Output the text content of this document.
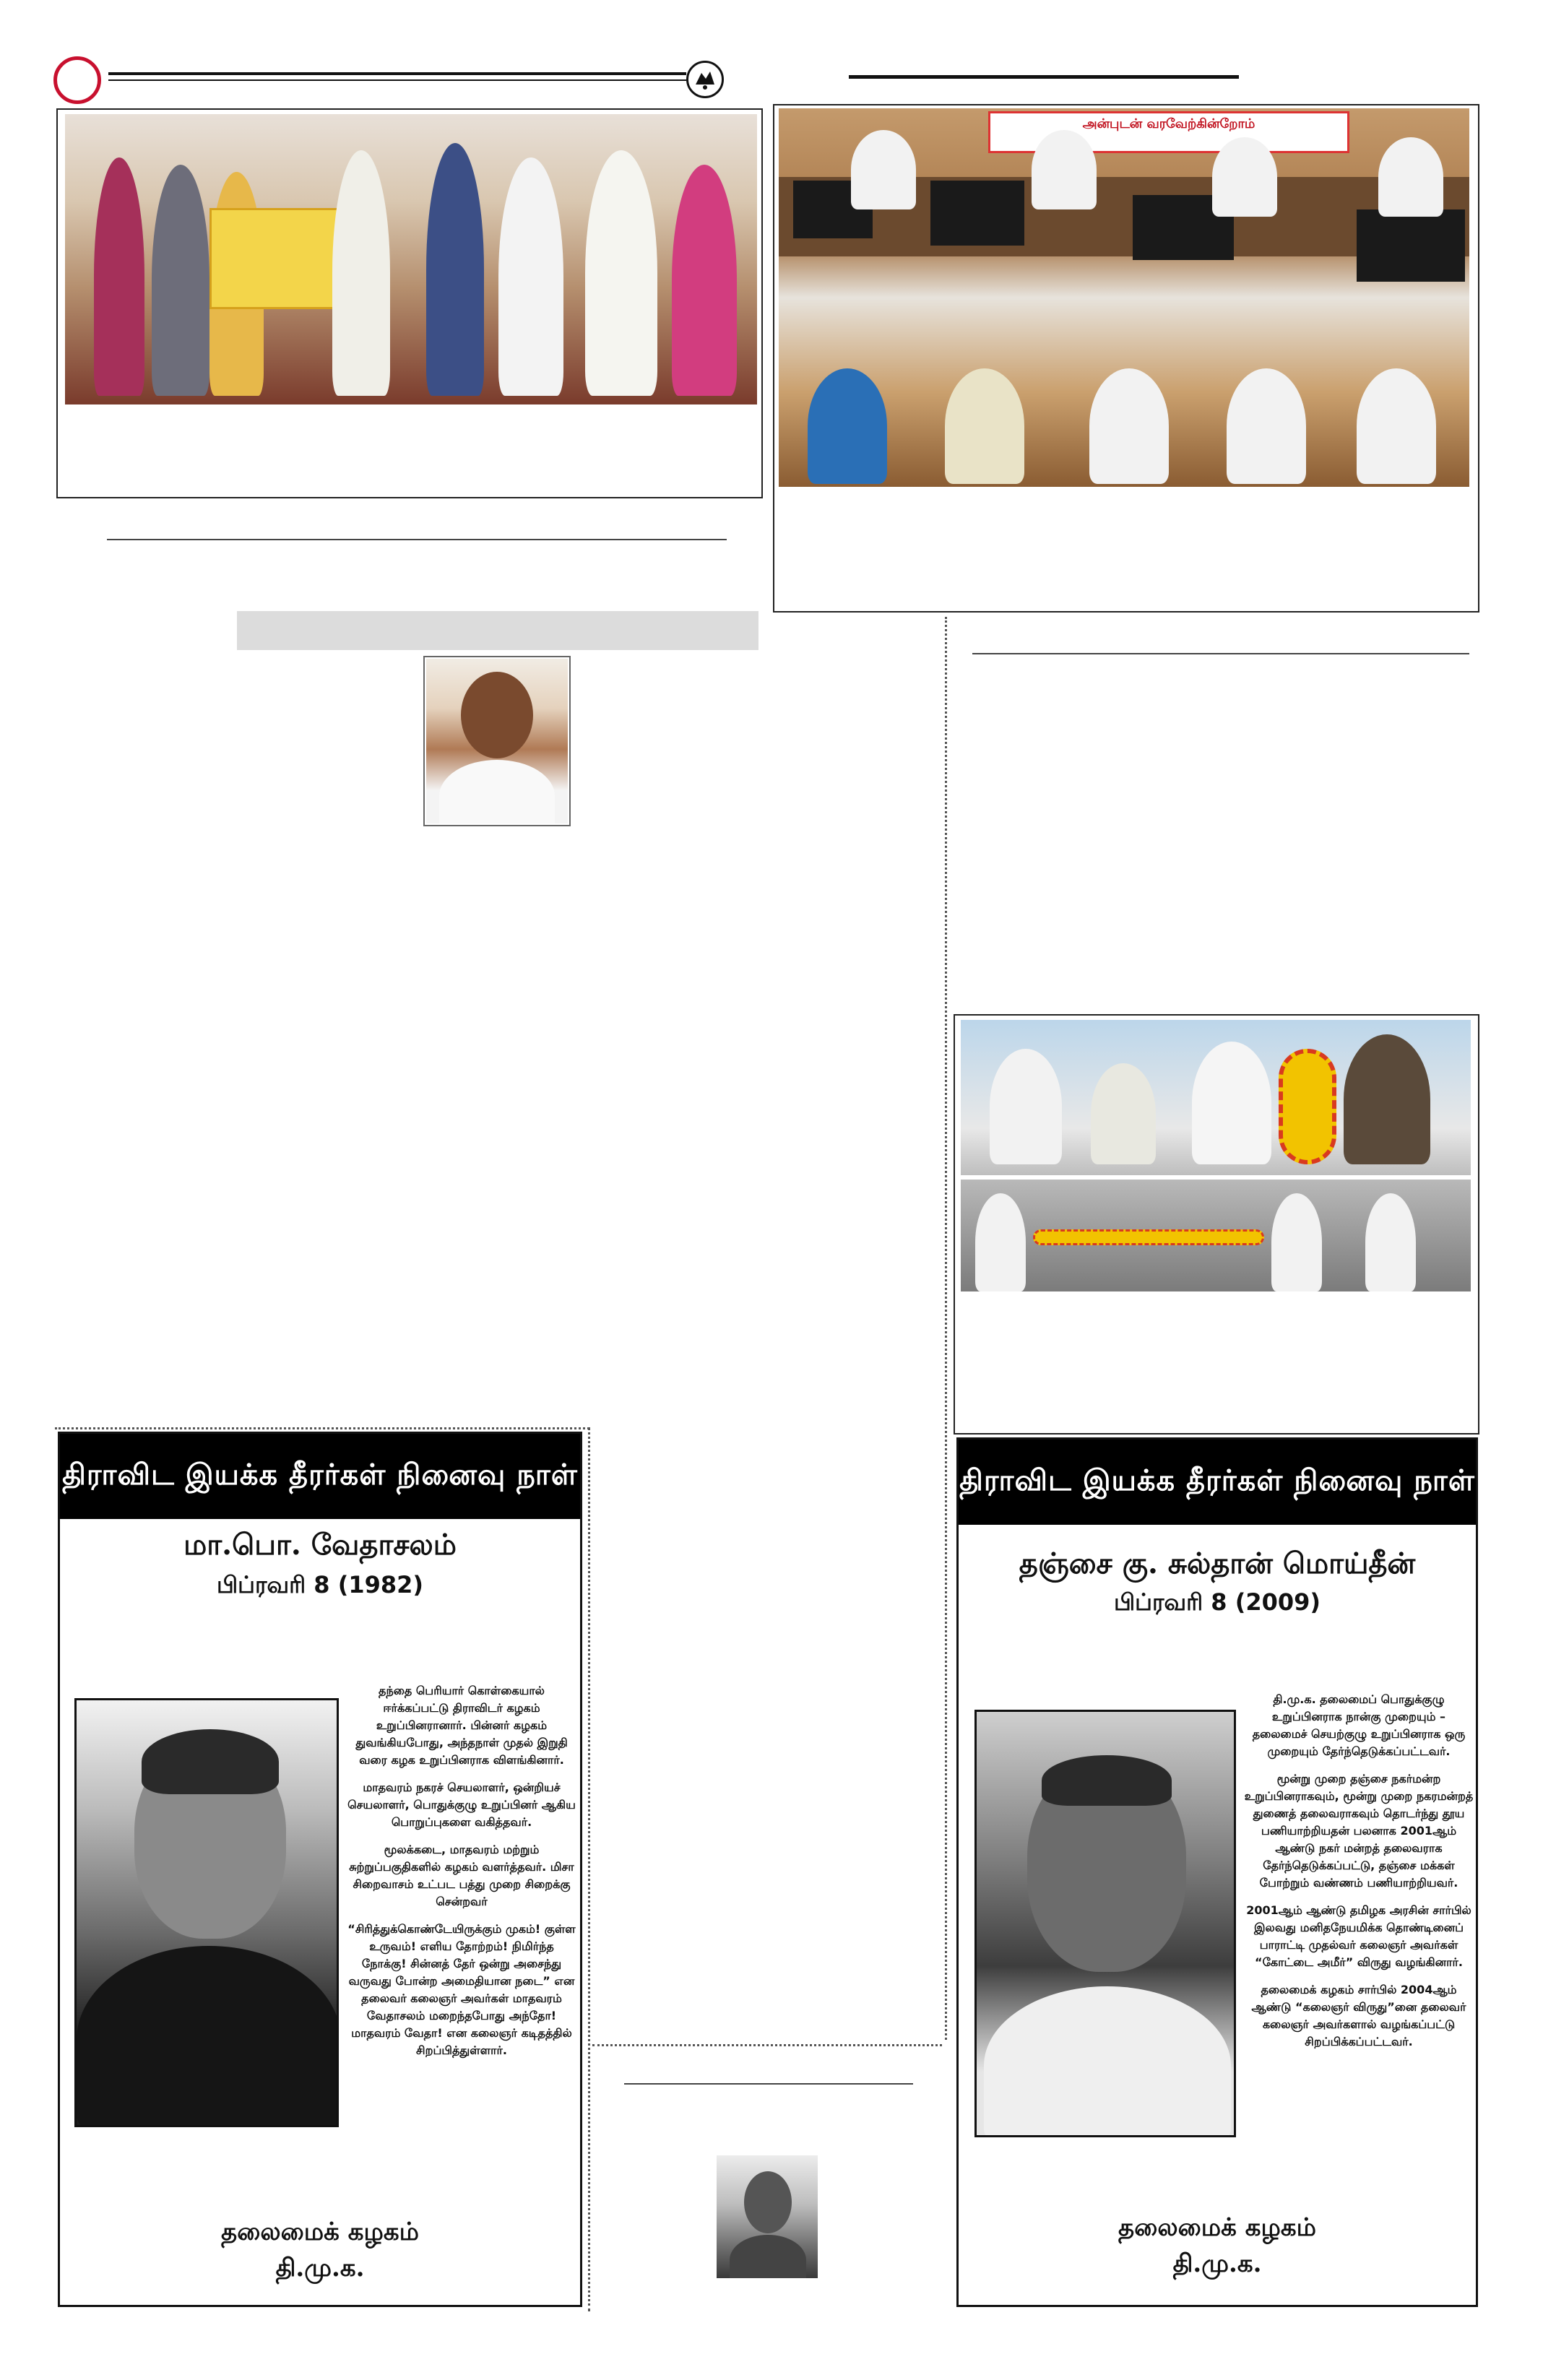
அன்புடன் வரவேற்கின்றோம்
திராவிட இயக்க தீரர்கள் நினைவு நாள்
மா.பொ. வேதாசலம்
பிப்ரவரி 8 (1982)

தந்தை பெரியார் கொள்கையால் ஈர்க்கப்பட்டு திராவிடர் கழகம் உறுப்பினரானார். பின்னர் கழகம் துவங்கியபோது, அந்தநாள் முதல் இறுதி வரை கழக உறுப்பினராக விளங்கினார்.

மாதவரம் நகரச் செயலாளர், ஒன்றியச் செயலாளர், பொதுக்குழு உறுப்பினர் ஆகிய பொறுப்புகளை வகித்தவர்.

மூலக்கடை, மாதவரம் மற்றும் சுற்றுப்பகுதிகளில் கழகம் வளர்த்தவர். மிசா சிறைவாசம் உட்பட பத்து முறை சிறைக்கு சென்றவர்

“சிரித்துக்கொண்டேயிருக்கும் முகம்! குள்ள உருவம்! எளிய தோற்றம்! நிமிர்ந்த நோக்கு! சின்னத் தேர் ஒன்று அசைந்து வருவது போன்ற அமைதியான நடை” என தலைவர் கலைஞர் அவர்கள் மாதவரம் வேதாசலம் மறைந்தபோது அந்தோ! மாதவரம் வேதா! என கலைஞர் கடிதத்தில் சிறப்பித்துள்ளார்.

தலைமைக் கழகம்
தி.மு.க.
திராவிட இயக்க தீரர்கள் நினைவு நாள்
தஞ்சை கு. சுல்தான் மொய்தீன்
பிப்ரவரி 8 (2009)

தி.மு.க. தலைமைப் பொதுக்குழு உறுப்பினராக நான்கு முறையும் – தலைமைச் செயற்குழு உறுப்பினராக ஒரு முறையும் தேர்ந்தெடுக்கப்பட்டவர்.

மூன்று முறை தஞ்சை நகர்மன்ற உறுப்பினராகவும், மூன்று முறை நகரமன்றத் துணைத் தலைவராகவும் தொடர்ந்து தூய பணியாற்றியதன் பலனாக 2001ஆம் ஆண்டு நகர் மன்றத் தலைவராக தேர்ந்தெடுக்கப்பட்டு, தஞ்சை மக்கள் போற்றும் வண்ணம் பணியாற்றியவர்.

2001ஆம் ஆண்டு தமிழக அரசின் சார்பில் இலவது மனிதநேயமிக்க தொண்டினைப் பாராட்டி முதல்வர் கலைஞர் அவர்கள் “கோட்டை அமீர்” விருது வழங்கினார்.

தலைமைக் கழகம் சார்பில் 2004ஆம் ஆண்டு “கலைஞர் விருது”னை தலைவர் கலைஞர் அவர்களால் வழங்கப்பட்டு சிறப்பிக்கப்பட்டவர்.

தலைமைக் கழகம்
தி.மு.க.
